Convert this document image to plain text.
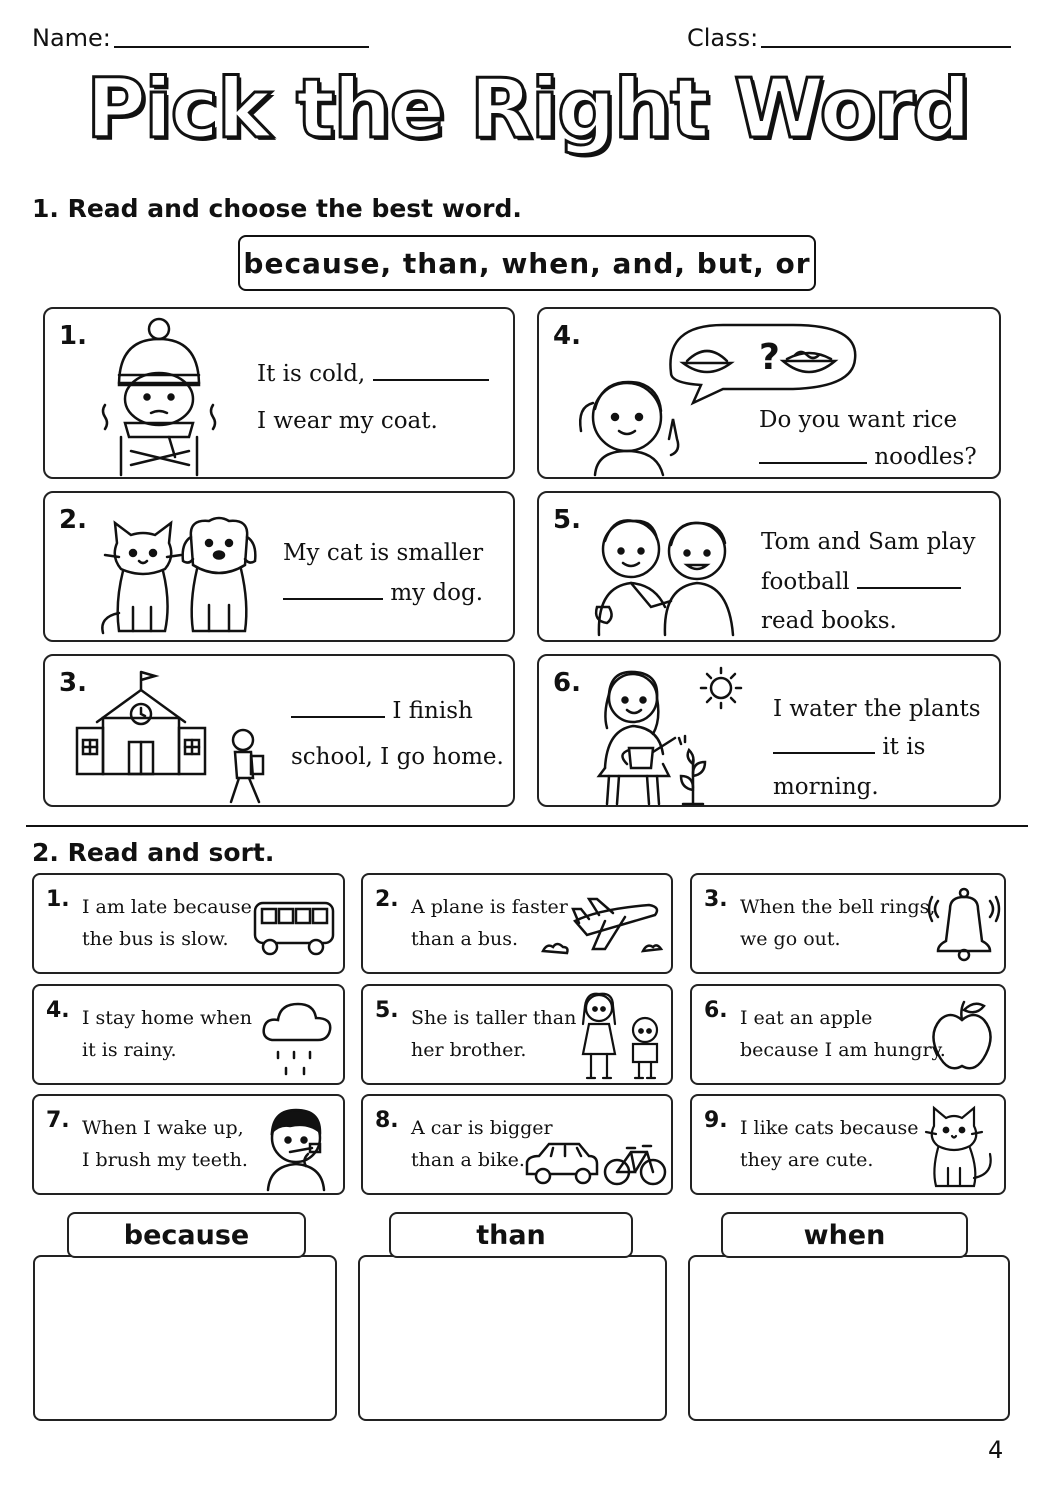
Name:	Class:
Pick the Right Word
1. Read and choose the best word.
because, than, when, and, but, or
1.
It is cold,
I wear my coat.
2.
My cat is smaller
my dog.
3.
I finish
school, I go home.
4.
?
Do you want rice
noodles?
5.
Tom and Sam play
football
read books.
6.
I water the plants
it is
morning.
2. Read and sort.
1. I am late because
the bus is slow.
2. A plane is faster
than a bus.
3. When the bell rings,
we go out.
4. I stay home when
it is rainy.
5. She is taller than
her brother.
6. I eat an apple
because I am hungry.
7. When I wake up,
I brush my teeth.
8. A car is bigger
than a bike.
9. I like cats because
they are cute.
because	than	when
4
